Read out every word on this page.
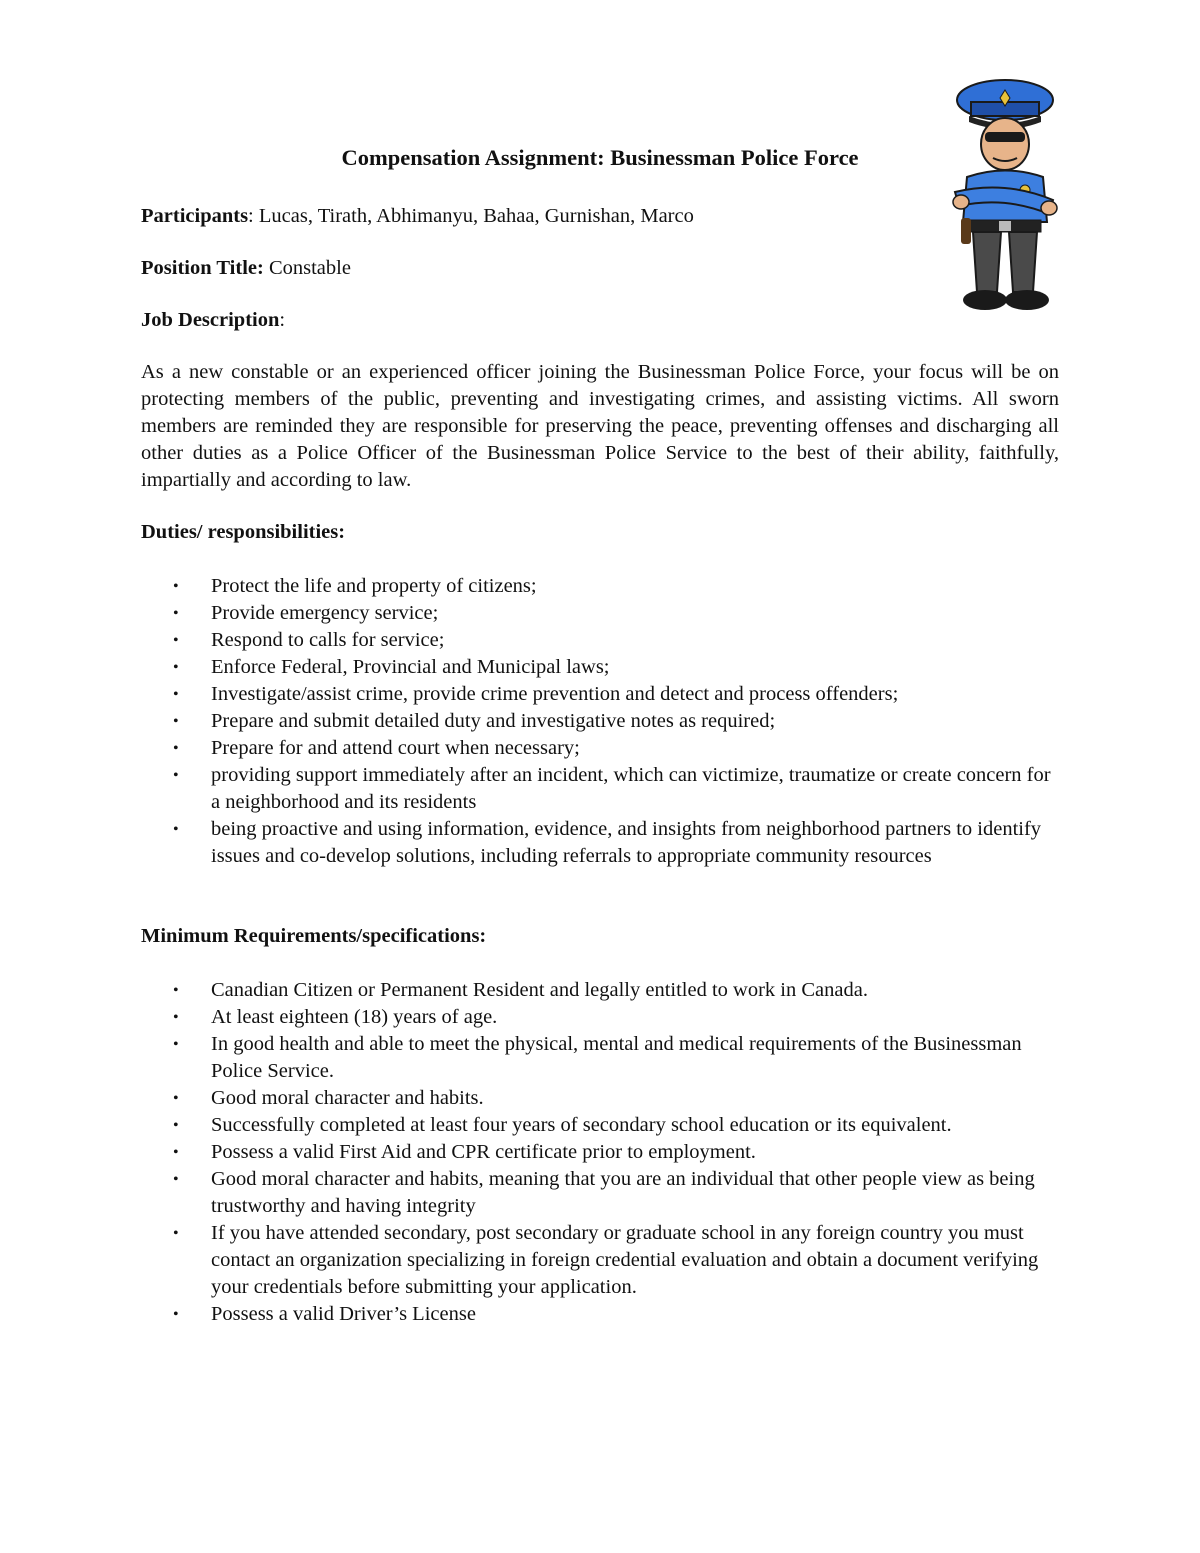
Compensation Assignment: Businessman Police Force

Participants: Lucas, Tirath, Abhimanyu, Bahaa, Gurnishan, Marco

Position Title: Constable

Job Description:

As a new constable or an experienced officer joining the Businessman Police Force, your focus will be on protecting members of the public, preventing and investigating crimes, and assisting victims. All sworn members are reminded they are responsible for preserving the peace, preventing offenses and discharging all other duties as a Police Officer of the Businessman Police Service to the best of their ability, faithfully, impartially and according to law.

Duties/ responsibilities:

• Protect the life and property of citizens;
• Provide emergency service;
• Respond to calls for service;
• Enforce Federal, Provincial and Municipal laws;
• Investigate/assist crime, provide crime prevention and detect and process offenders;
• Prepare and submit detailed duty and investigative notes as required;
• Prepare for and attend court when necessary;
• providing support immediately after an incident, which can victimize, traumatize or create concern for a neighborhood and its residents
• being proactive and using information, evidence, and insights from neighborhood partners to identify issues and co-develop solutions, including referrals to appropriate community resources

Minimum Requirements/specifications:

• Canadian Citizen or Permanent Resident and legally entitled to work in Canada.
• At least eighteen (18) years of age.
• In good health and able to meet the physical, mental and medical requirements of the Businessman Police Service.
• Good moral character and habits.
• Successfully completed at least four years of secondary school education or its equivalent.
• Possess a valid First Aid and CPR certificate prior to employment.
• Good moral character and habits, meaning that you are an individual that other people view as being trustworthy and having integrity
• If you have attended secondary, post secondary or graduate school in any foreign country you must contact an organization specializing in foreign credential evaluation and obtain a document verifying your credentials before submitting your application.
• Possess a valid Driver’s License
